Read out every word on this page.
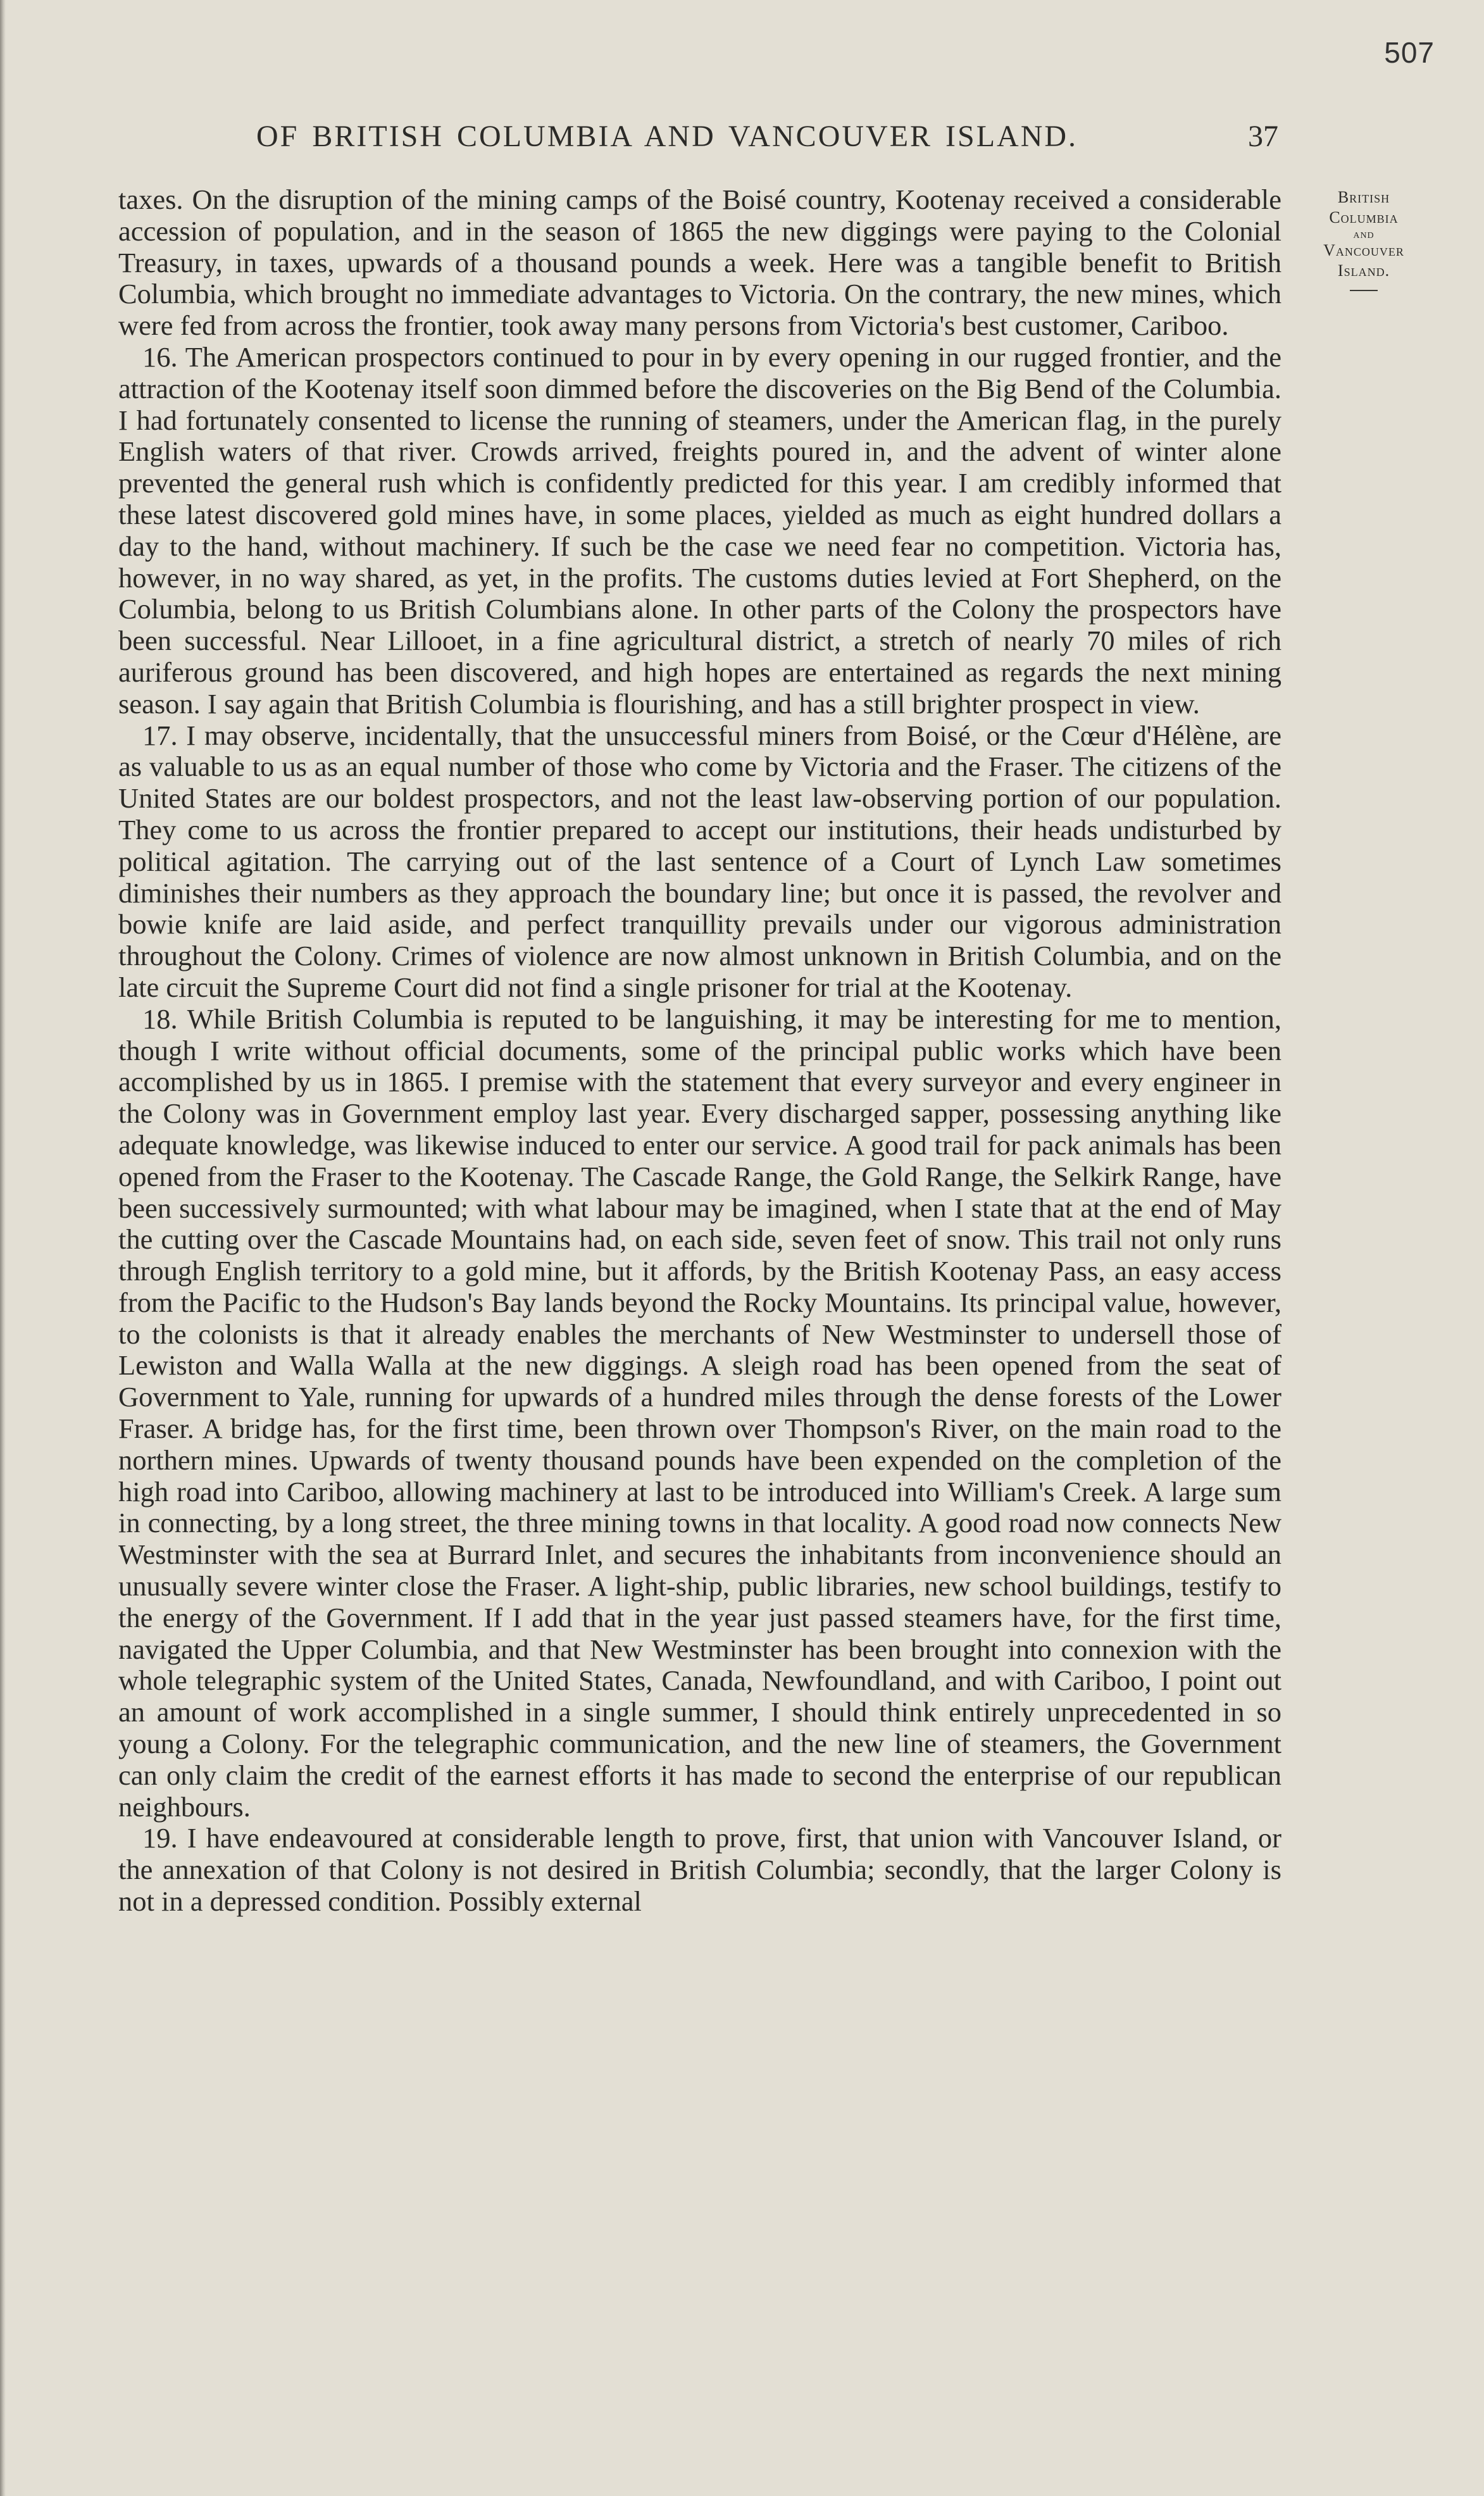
507
OF BRITISH COLUMBIA AND VANCOUVER ISLAND.	37
British
Columbia
and
Vancouver
Island.

taxes. On the disruption of the mining camps of the Boisé country, Kootenay received a considerable accession of population, and in the season of 1865 the new diggings were paying to the Colonial Treasury, in taxes, upwards of a thousand pounds a week. Here was a tangible benefit to British Columbia, which brought no immediate advantages to Victoria. On the contrary, the new mines, which were fed from across the frontier, took away many persons from Victoria's best customer, Cariboo.

16. The American prospectors continued to pour in by every opening in our rugged frontier, and the attraction of the Kootenay itself soon dimmed before the discoveries on the Big Bend of the Columbia. I had fortunately consented to license the running of steamers, under the American flag, in the purely English waters of that river. Crowds arrived, freights poured in, and the advent of winter alone prevented the general rush which is confidently predicted for this year. I am credibly informed that these latest discovered gold mines have, in some places, yielded as much as eight hundred dollars a day to the hand, without machinery. If such be the case we need fear no competition. Victoria has, however, in no way shared, as yet, in the profits. The customs duties levied at Fort Shepherd, on the Columbia, belong to us British Columbians alone. In other parts of the Colony the prospectors have been successful. Near Lillooet, in a fine agricultural district, a stretch of nearly 70 miles of rich auriferous ground has been discovered, and high hopes are entertained as regards the next mining season. I say again that British Columbia is flourishing, and has a still brighter prospect in view.

17. I may observe, incidentally, that the unsuccessful miners from Boisé, or the Cœur d'Hélène, are as valuable to us as an equal number of those who come by Victoria and the Fraser. The citizens of the United States are our boldest prospectors, and not the least law-observing portion of our population. They come to us across the frontier prepared to accept our institutions, their heads undisturbed by political agitation. The carrying out of the last sentence of a Court of Lynch Law sometimes diminishes their numbers as they approach the boundary line; but once it is passed, the revolver and bowie knife are laid aside, and perfect tranquillity prevails under our vigorous administration throughout the Colony. Crimes of violence are now almost unknown in British Columbia, and on the late circuit the Supreme Court did not find a single prisoner for trial at the Kootenay.

18. While British Columbia is reputed to be languishing, it may be interesting for me to mention, though I write without official documents, some of the principal public works which have been accomplished by us in 1865. I premise with the statement that every surveyor and every engineer in the Colony was in Government employ last year. Every discharged sapper, possessing anything like adequate knowledge, was likewise induced to enter our service. A good trail for pack animals has been opened from the Fraser to the Kootenay. The Cascade Range, the Gold Range, the Selkirk Range, have been successively surmounted; with what labour may be imagined, when I state that at the end of May the cutting over the Cascade Mountains had, on each side, seven feet of snow. This trail not only runs through English territory to a gold mine, but it affords, by the British Kootenay Pass, an easy access from the Pacific to the Hudson's Bay lands beyond the Rocky Mountains. Its principal value, however, to the colonists is that it already enables the merchants of New Westminster to undersell those of Lewiston and Walla Walla at the new diggings. A sleigh road has been opened from the seat of Government to Yale, running for upwards of a hundred miles through the dense forests of the Lower Fraser. A bridge has, for the first time, been thrown over Thompson's River, on the main road to the northern mines. Upwards of twenty thousand pounds have been expended on the completion of the high road into Cariboo, allowing machinery at last to be introduced into William's Creek. A large sum in connecting, by a long street, the three mining towns in that locality. A good road now connects New Westminster with the sea at Burrard Inlet, and secures the inhabitants from inconvenience should an unusually severe winter close the Fraser. A light-ship, public libraries, new school buildings, testify to the energy of the Government. If I add that in the year just passed steamers have, for the first time, navigated the Upper Columbia, and that New Westminster has been brought into connexion with the whole telegraphic system of the United States, Canada, Newfoundland, and with Cariboo, I point out an amount of work accomplished in a single summer, I should think entirely unprecedented in so young a Colony. For the telegraphic communication, and the new line of steamers, the Government can only claim the credit of the earnest efforts it has made to second the enterprise of our republican neighbours.

19. I have endeavoured at considerable length to prove, first, that union with Vancouver Island, or the annexation of that Colony is not desired in British Columbia; secondly, that the larger Colony is not in a depressed condition. Possibly external
